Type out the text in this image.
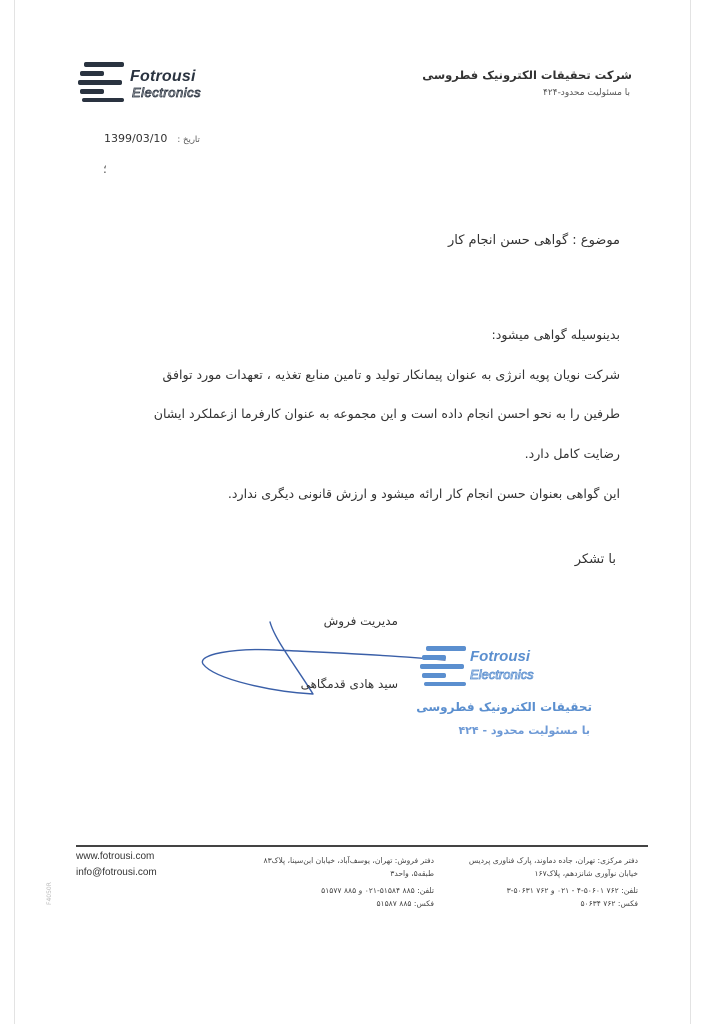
Fotrousi
Electronics
شرکت تحقیقات الکترونیک فطروسی
با مسئولیت محدود-۴۲۴
1399/03/10 تاریخ :
؛
موضوع : گواهی حسن انجام کار
بدینوسیله گواهی میشود:
شرکت نویان پویه انرژی به عنوان پیمانکار تولید و تامین منابع تغذیه ، تعهدات مورد توافق
طرفین را به نحو احسن انجام داده است و این مجموعه به عنوان کارفرما ازعملکرد ایشان
رضایت کامل دارد.
این گواهی بعنوان حسن انجام کار ارائه میشود و ارزش قانونی دیگری ندارد.
با تشکر
مدیریت فروش
سید هادی قدمگاهی
Fotrousi
Electronics
تحقیقات الکترونیک فطروسی
با مسئولیت محدود - ۴۲۴
www.fotrousi.com
info@fotrousi.com
دفتر فروش: تهران، یوسف‌آباد، خیابان ابن‌سینا، پلاک۸۳
طبقه۵، واحد۳
تلفن: ۸۸۵ ۵۱۵۸۴-۰۲۱ و ۸۸۵ ۵۱۵۷۷
فکس: ۸۸۵ ۵۱۵۸۷
دفتر مرکزی: تهران، جاده دماوند، پارک فناوری پردیس
خیابان نوآوری شانزدهم، پلاک۱۶۷
تلفن: ۷۶۲ ۵۰۶۰۱-۴ - ۰۲۱ و ۷۶۲ ۵۰۶۳۱-۳
فکس: ۷۶۲ ۵۰۶۳۴
F4050R
